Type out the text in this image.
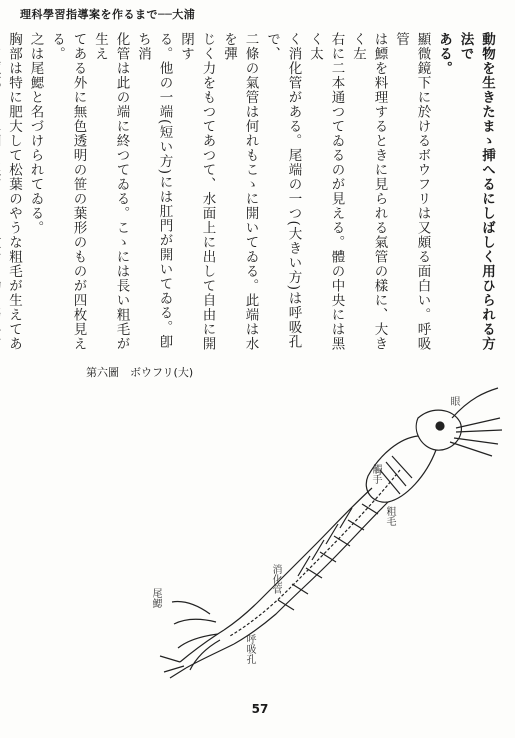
理科學習指導案を作るまで──大浦
動物を生きたまゝ挿へるにしばしく用ひられる方法で
ある。
顯微鏡下に於けるボウフリは又頗る面白い。呼吸管
は鰾を料理するときに見られる氣管の樣に、大きく左
右に二本通つてゐるのが見える。體の中央には黑く太
く消化管がある。尾端の一つ(大きい方)は呼吸孔で、
二條の氣管は何れもこゝに開いてゐる。此端は水を彈
じく力をもつてあつて、水面上に出して自由に開閉す
る。他の一端(短い方)には肛門が開いてゐる。卽ち消
化管は此の端に終つてゐる。こゝには長い粗毛が生え
てある外に無色透明の笹の葉形のものが四枚見える。
之は尾鰓と名づけられてゐる。
胸部は特に肥大して松葉のやうな粗毛が生えてあ
第六圖　ボウフリ(大)
眼
觸手
粗毛
消化管
尾鰓
呼吸孔
57
